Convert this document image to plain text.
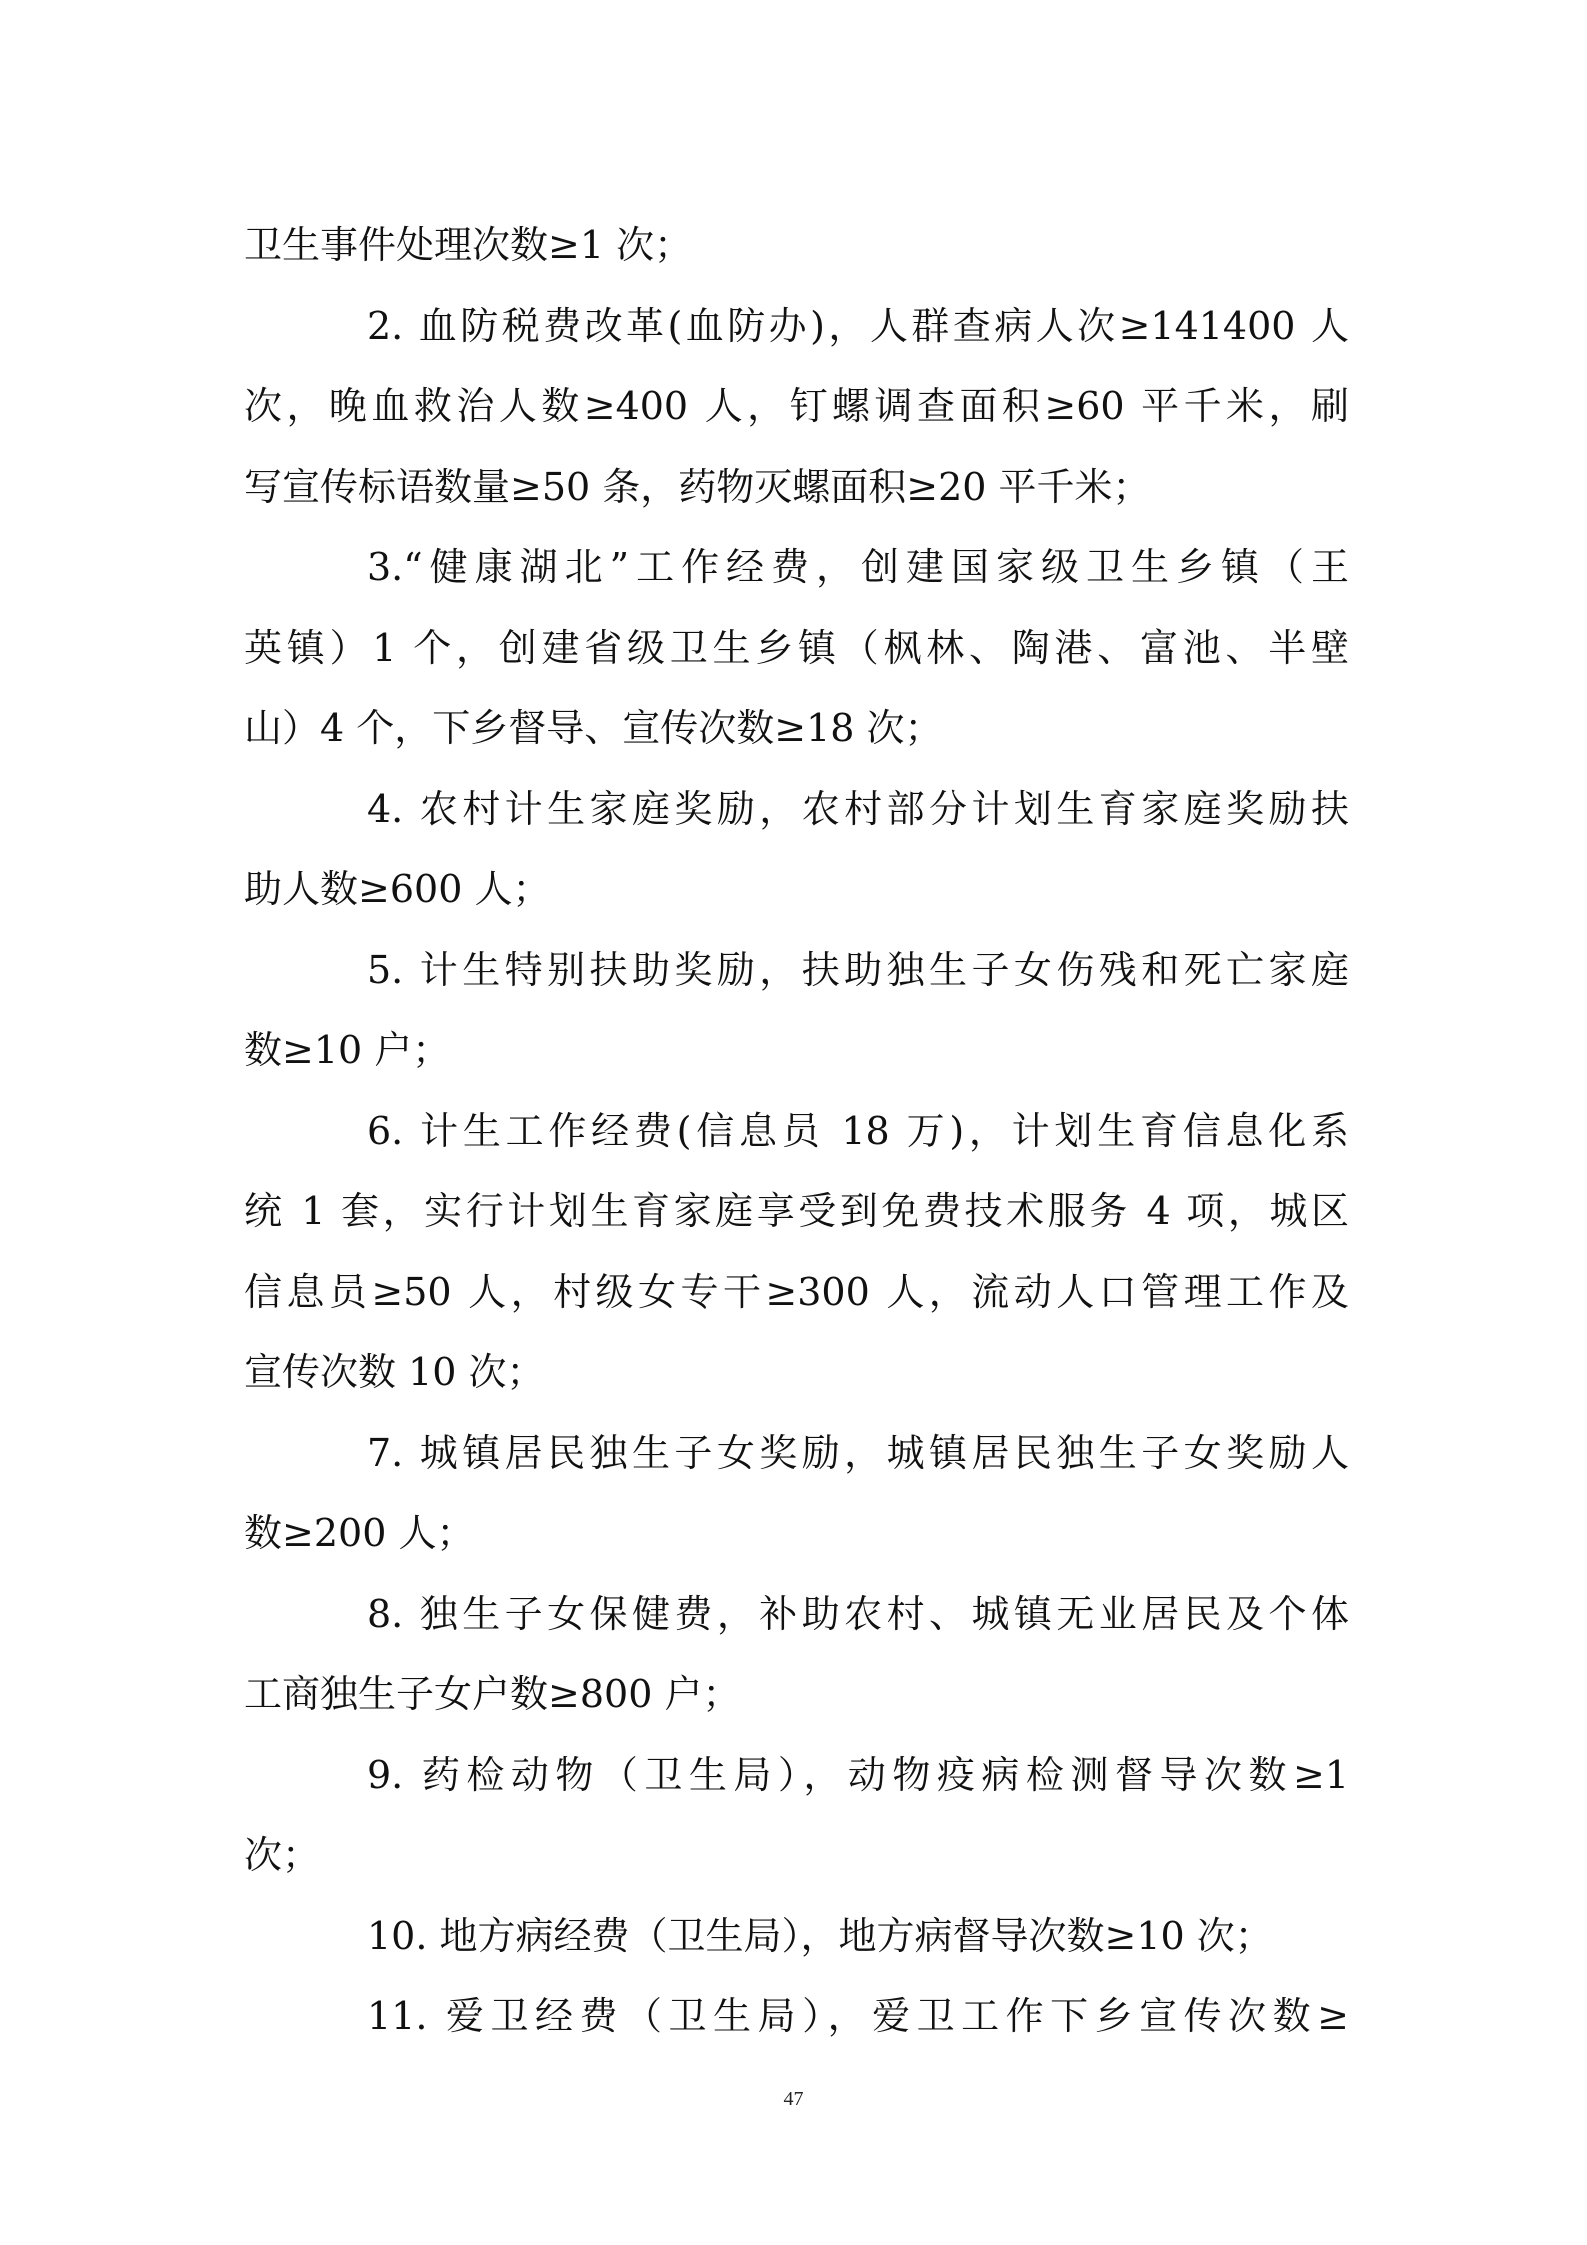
卫生事件处理次数≥1 次；
2. 血防税费改革(血防办)，人群查病人次≥141400 人
次，晚血救治人数≥400 人，钉螺调查面积≥60 平千米，刷
写宣传标语数量≥50 条，药物灭螺面积≥20 平千米；
3.“健康湖北”工作经费，创建国家级卫生乡镇（王
英镇）1 个，创建省级卫生乡镇（枫林、陶港、富池、半壁
山）4 个，下乡督导、宣传次数≥18 次；
4. 农村计生家庭奖励，农村部分计划生育家庭奖励扶
助人数≥600 人；
5. 计生特别扶助奖励，扶助独生子女伤残和死亡家庭
数≥10 户；
6. 计生工作经费(信息员 18 万)，计划生育信息化系
统 1 套，实行计划生育家庭享受到免费技术服务 4 项，城区
信息员≥50 人，村级女专干≥300 人，流动人口管理工作及
宣传次数 10 次；
7. 城镇居民独生子女奖励，城镇居民独生子女奖励人
数≥200 人；
8. 独生子女保健费，补助农村、城镇无业居民及个体
工商独生子女户数≥800 户；
9. 药检动物（卫生局），动物疫病检测督导次数≥1
次；
10. 地方病经费（卫生局），地方病督导次数≥10 次；
11. 爱卫经费（卫生局），爱卫工作下乡宣传次数≥
47
